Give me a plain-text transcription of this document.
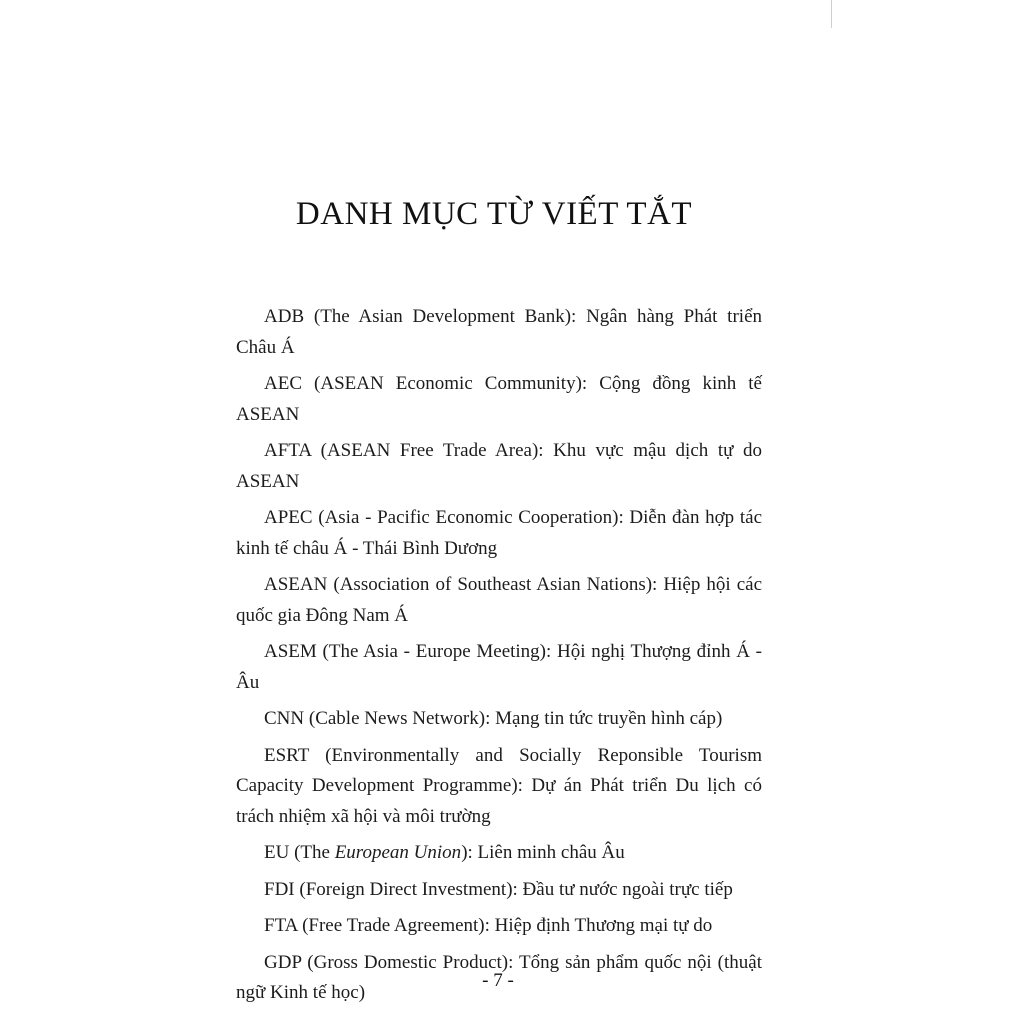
DANH MỤC TỪ VIẾT TẮT

ADB (The Asian Development Bank): Ngân hàng Phát triển Châu Á

AEC (ASEAN Economic Community): Cộng đồng kinh tế ASEAN

AFTA (ASEAN Free Trade Area): Khu vực mậu dịch tự do ASEAN

APEC (Asia - Pacific Economic Cooperation): Diễn đàn hợp tác kinh tế châu Á - Thái Bình Dương

ASEAN (Association of Southeast Asian Nations): Hiệp hội các quốc gia Đông Nam Á

ASEM (The Asia - Europe Meeting): Hội nghị Thượng đỉnh Á - Âu

CNN (Cable News Network): Mạng tin tức truyền hình cáp)

ESRT (Environmentally and Socially Reponsible Tourism Capacity Development Programme): Dự án Phát triển Du lịch có trách nhiệm xã hội và môi trường

EU (The European Union): Liên minh châu Âu

FDI (Foreign Direct Investment): Đầu tư nước ngoài trực tiếp

FTA (Free Trade Agreement): Hiệp định Thương mại tự do

GDP (Gross Domestic Product): Tổng sản phẩm quốc nội (thuật ngữ Kinh tế học)

- 7 -
